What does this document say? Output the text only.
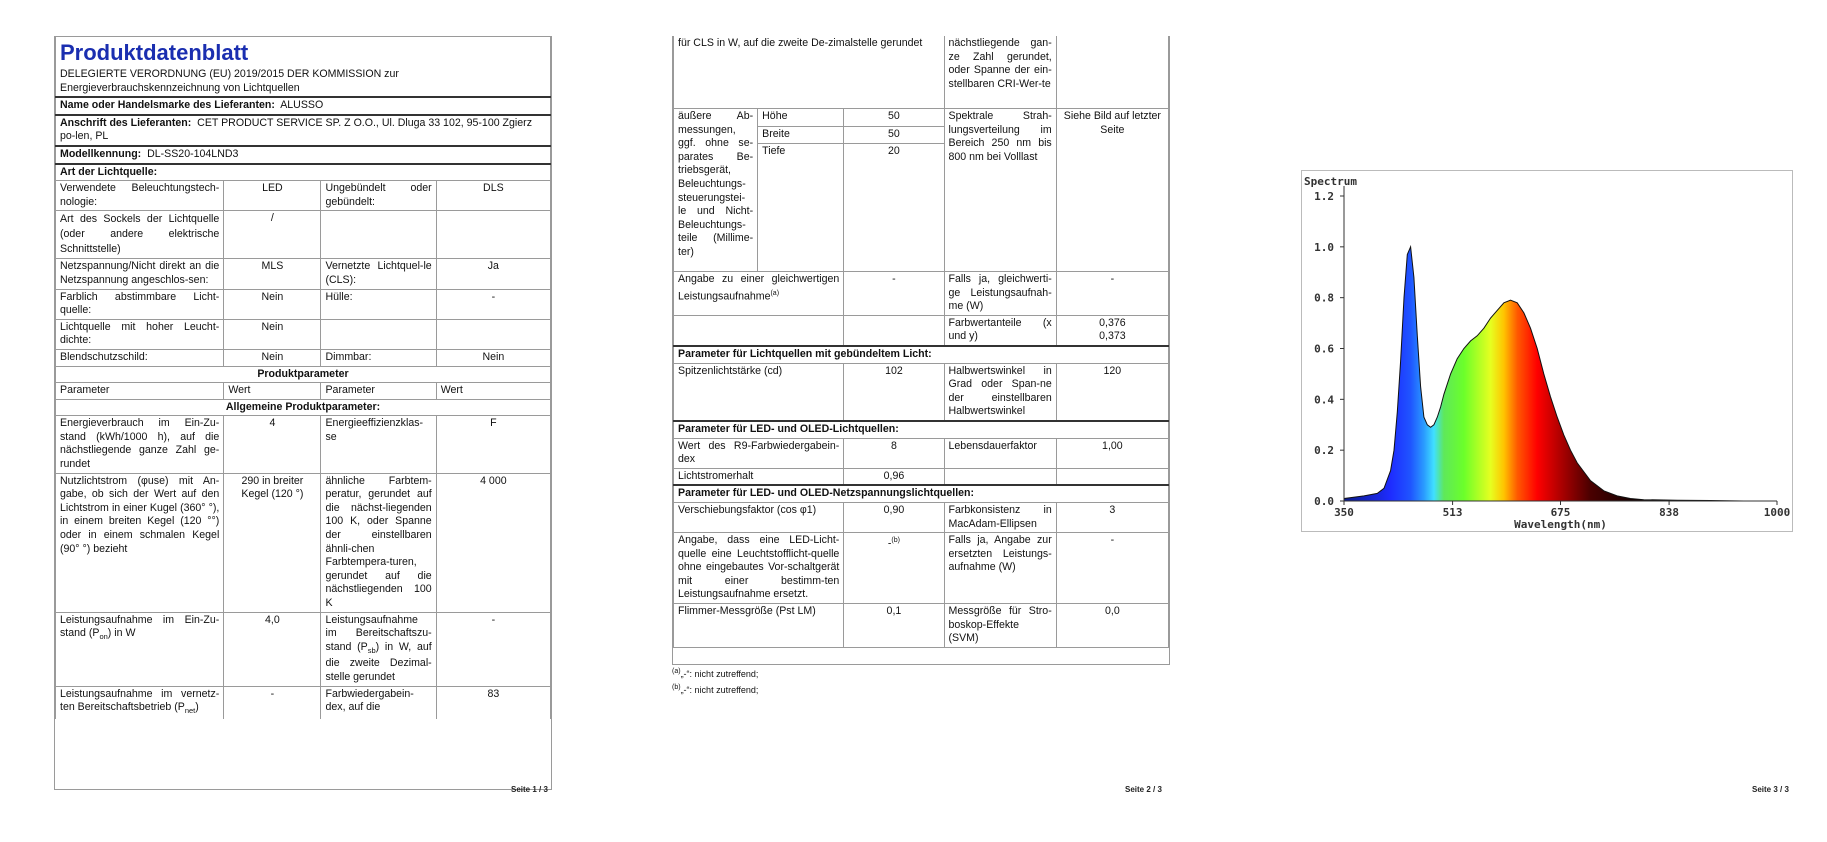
Produktdatenblatt			

DELEGIERTE VERORDNUNG (EU) 2019/2015 DER KOMMISSION zur Energieverbrauchskennzeichnung von Lichtquellen			
Name oder Handelsmarke des Lieferanten: ALUSSO			
Anschrift des Lieferanten: CET PRODUCT SERVICE SP. Z O.O., Ul. Dluga 33 102, 95-100 Zgierz po-len, PL			
Modellkennung: DL-SS20-104LND3			
Art der Lichtquelle:			
Verwendete Beleuchtungstech-nologie:	LED	Ungebündelt oder gebündelt:	DLS
Art des Sockels der Lichtquelle (oder andere elektrische Schnittstelle)	/		
Netzspannung/Nicht direkt an die Netzspannung angeschlos-sen:	MLS	Vernetzte Lichtquel-le (CLS):	Ja
Farblich abstimmbare Licht-quelle:	Nein	Hülle:	-
Lichtquelle mit hoher Leucht-dichte:	Nein		
Blendschutzschild:	Nein	Dimmbar:	Nein
Produktparameter			
Parameter	Wert	Parameter	Wert
Allgemeine Produktparameter:			
Energieverbrauch im Ein-Zu-stand (kWh/1000 h), auf die nächstliegende ganze Zahl ge-rundet	4	Energieeffizienzklas-se	F
Nutzlichtstrom (φuse) mit An-gabe, ob sich der Wert auf den Lichtstrom in einer Kugel (360° °), in einem breiten Kegel (120 °°) oder in einem schmalen Kegel (90° °) bezieht	290 in breiter Kegel (120 °)	ähnliche Farbtem-peratur, gerundet auf die nächst-liegenden 100 K, oder Spanne der einstellbaren ähnli-chen Farbtempera-turen, gerundet auf die nächstliegenden 100 K	4 000
Leistungsaufnahme im Ein-Zu-stand $(P_{on})$ in W	4,0	Leistungsaufnahme im Bereitschaftszu-stand $(P_{sb})$ in W, auf die zweite Dezimal-stelle gerundet	-
Leistungsaufnahme im vernetz-ten Bereitschaftsbetrieb $(P_{net})$	-	Farbwiedergabein-dex, auf die	83
Seite 1 / 3
für CLS in W, auf die zweite De-zimalstelle gerundet			nächstliegende gan-ze Zahl gerundet, oder Spanne der ein-stellbaren CRI-Wer-te	
äußere Ab-messungen, ggf. ohne se-parates Be-triebsgerät, Beleuchtungs-steuerungstei-le und Nicht-Beleuchtungs-teile (Millime-ter)	Höhe	50	Spektrale Strah-lungsverteilung im Bereich 250 nm bis 800 nm bei Volllast	Siehe Bild auf letzter Seite
	Breite	50		
	Tiefe	20		
Angabe zu einer gleichwertigen Leistungsaufnahme$^{(a)}$		-	Falls ja, gleichwerti-ge Leistungsaufnah-me (W)	-
			Farbwertanteile (x und y)	0,376
0,373

Parameter für Lichtquellen mit gebündeltem Licht:				
Spitzenlichtstärke (cd)		102	Halbwertswinkel in Grad oder Span-ne der einstellbaren Halbwertswinkel	120
Parameter für LED- und OLED-Lichtquellen:				
Wert des R9-Farbwiedergabein-dex		8	Lebensdauerfaktor	1,00
Lichtstromerhalt		0,96		
Parameter für LED- und OLED-Netzspannungslichtquellen:				
Verschiebungsfaktor (cos φ1)		0,90	Farbkonsistenz in MacAdam-Ellipsen	3
Angabe, dass eine LED-Licht-quelle eine Leuchtstofflicht-quelle ohne eingebautes Vor-schaltgerät mit einer bestimm-ten Leistungsaufnahme ersetzt.		-$^{(b)}$	Falls ja, Angabe zur ersetzten Leistungs-aufnahme (W)	-
Flimmer-Messgröße (Pst LM)		0,1	Messgröße für Stro-boskop-Effekte (SVM)	0,0
$^{(a)}$„-“: nicht zutreffend;
$^{(b)}$„-“: nicht zutreffend;
Seite 2 / 3	Seite 3 / 3
0.0
0.2
0.4
0.6
0.8
1.0
1.2
350	513	675	838	1000
Spectrum
Wavelength(nm)
